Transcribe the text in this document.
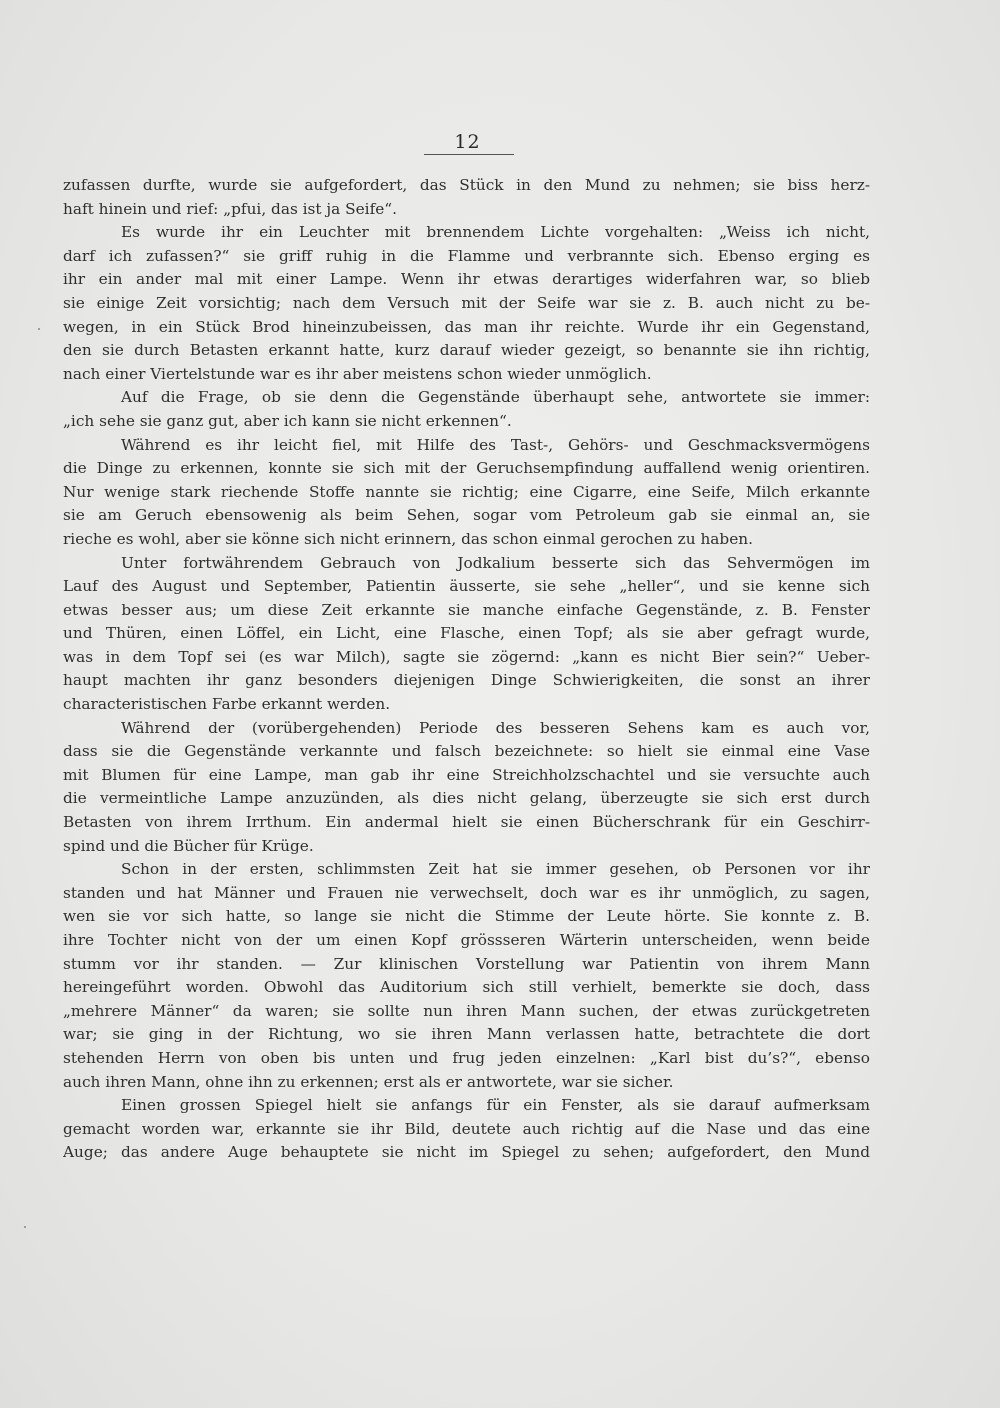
12
zufassen durfte, wurde sie aufgefordert, das Stück in den Mund zu nehmen; sie biss herz-
haft hinein und rief: „pfui, das ist ja Seife“.
Es wurde ihr ein Leuchter mit brennendem Lichte vorgehalten: „Weiss ich nicht,
darf ich zufassen?“ sie griff ruhig in die Flamme und verbrannte sich. Ebenso erging es
ihr ein ander mal mit einer Lampe. Wenn ihr etwas derartiges widerfahren war, so blieb
sie einige Zeit vorsichtig; nach dem Versuch mit der Seife war sie z. B. auch nicht zu be-
wegen, in ein Stück Brod hineinzubeissen, das man ihr reichte. Wurde ihr ein Gegenstand,
den sie durch Betasten erkannt hatte, kurz darauf wieder gezeigt, so benannte sie ihn richtig,
nach einer Viertelstunde war es ihr aber meistens schon wieder unmöglich.
Auf die Frage, ob sie denn die Gegenstände überhaupt sehe, antwortete sie immer:
„ich sehe sie ganz gut, aber ich kann sie nicht erkennen“.
Während es ihr leicht fiel, mit Hilfe des Tast-, Gehörs- und Geschmacksvermögens
die Dinge zu erkennen, konnte sie sich mit der Geruchsempfindung auffallend wenig orientiren.
Nur wenige stark riechende Stoffe nannte sie richtig; eine Cigarre, eine Seife, Milch erkannte
sie am Geruch ebensowenig als beim Sehen, sogar vom Petroleum gab sie einmal an, sie
rieche es wohl, aber sie könne sich nicht erinnern, das schon einmal gerochen zu haben.
Unter fortwährendem Gebrauch von Jodkalium besserte sich das Sehvermögen im
Lauf des August und September, Patientin äusserte, sie sehe „heller“, und sie kenne sich
etwas besser aus; um diese Zeit erkannte sie manche einfache Gegenstände, z. B. Fenster
und Thüren, einen Löffel, ein Licht, eine Flasche, einen Topf; als sie aber gefragt wurde,
was in dem Topf sei (es war Milch), sagte sie zögernd: „kann es nicht Bier sein?“ Ueber-
haupt machten ihr ganz besonders diejenigen Dinge Schwierigkeiten, die sonst an ihrer
characteristischen Farbe erkannt werden.
Während der (vorübergehenden) Periode des besseren Sehens kam es auch vor,
dass sie die Gegenstände verkannte und falsch bezeichnete: so hielt sie einmal eine Vase
mit Blumen für eine Lampe, man gab ihr eine Streichholzschachtel und sie versuchte auch
die vermeintliche Lampe anzuzünden, als dies nicht gelang, überzeugte sie sich erst durch
Betasten von ihrem Irrthum. Ein andermal hielt sie einen Bücherschrank für ein Geschirr-
spind und die Bücher für Krüge.
Schon in der ersten, schlimmsten Zeit hat sie immer gesehen, ob Personen vor ihr
standen und hat Männer und Frauen nie verwechselt, doch war es ihr unmöglich, zu sagen,
wen sie vor sich hatte, so lange sie nicht die Stimme der Leute hörte. Sie konnte z. B.
ihre Tochter nicht von der um einen Kopf grössseren Wärterin unterscheiden, wenn beide
stumm vor ihr standen. — Zur klinischen Vorstellung war Patientin von ihrem Mann
hereingeführt worden. Obwohl das Auditorium sich still verhielt, bemerkte sie doch, dass
„mehrere Männer“ da waren; sie sollte nun ihren Mann suchen, der etwas zurückgetreten
war; sie ging in der Richtung, wo sie ihren Mann verlassen hatte, betrachtete die dort
stehenden Herrn von oben bis unten und frug jeden einzelnen: „Karl bist du’s?“, ebenso
auch ihren Mann, ohne ihn zu erkennen; erst als er antwortete, war sie sicher.
Einen grossen Spiegel hielt sie anfangs für ein Fenster, als sie darauf aufmerksam
gemacht worden war, erkannte sie ihr Bild, deutete auch richtig auf die Nase und das eine
Auge; das andere Auge behauptete sie nicht im Spiegel zu sehen; aufgefordert, den Mund
